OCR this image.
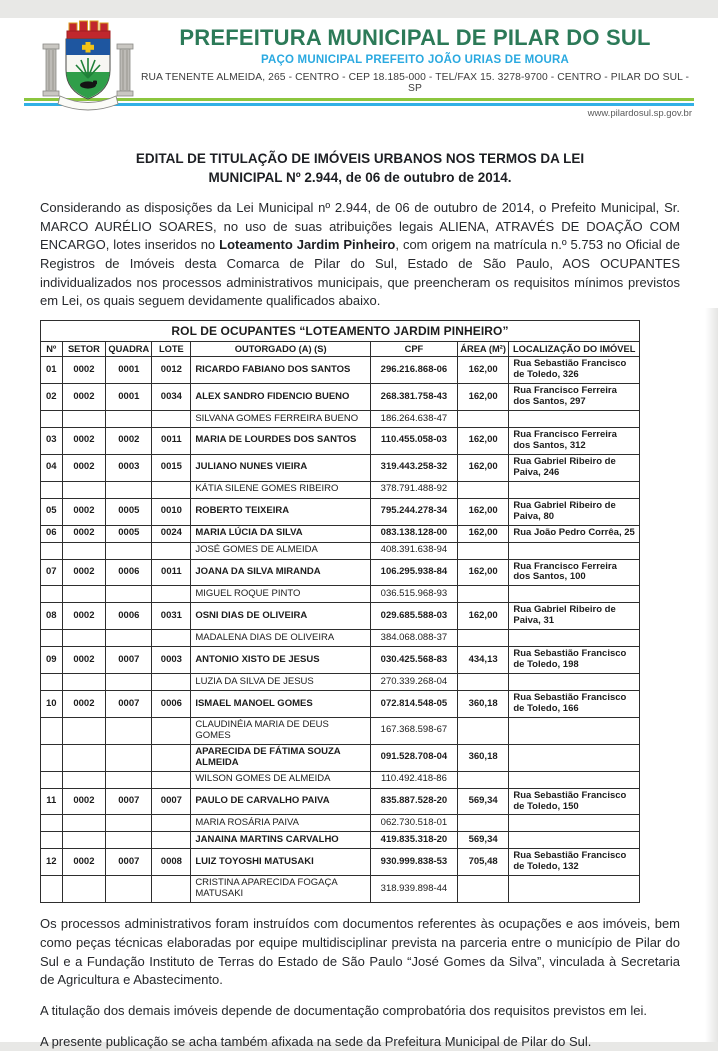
PREFEITURA MUNICIPAL DE PILAR DO SUL
PAÇO MUNICIPAL PREFEITO JOÃO URIAS DE MOURA
RUA TENENTE ALMEIDA, 265 - CENTRO - CEP 18.185-000 - TEL/FAX 15. 3278-9700 - CENTRO - PILAR DO SUL - SP
www.pilardosul.sp.gov.br
EDITAL DE TITULAÇÃO DE IMÓVEIS URBANOS NOS TERMOS DA LEI
MUNICIPAL Nº 2.944, de 06 de outubro de 2014.

Considerando as disposições da Lei Municipal nº 2.944, de 06 de outubro de 2014, o Prefeito Municipal, Sr. MARCO AURÉLIO SOARES, no uso de suas atribuições legais ALIENA, ATRAVÉS DE DOAÇÃO COM ENCARGO, lotes inseridos no Loteamento Jardim Pinheiro, com origem na matrícula n.º 5.753 no Oficial de Registros de Imóveis desta Comarca de Pilar do Sul, Estado de São Paulo, AOS OCUPANTES individualizados nos processos administrativos municipais, que preencheram os requisitos mínimos previstos em Lei, os quais seguem devidamente qualificados abaixo.

ROL DE OCUPANTES “LOTEAMENTO JARDIM PINHEIRO”							
Nº	SETOR	QUADRA	LOTE	OUTORGADO (A) (S)	CPF	ÁREA (M²)	LOCALIZAÇÃO DO IMÓVEL
01	0002	0001	0012	RICARDO FABIANO DOS SANTOS	296.216.868-06	162,00	Rua Sebastião Francisco de Toledo, 326
02	0002	0001	0034	ALEX SANDRO FIDENCIO BUENO	268.381.758-43	162,00	Rua Francisco Ferreira dos Santos, 297
				SILVANA GOMES FERREIRA BUENO	186.264.638-47		
03	0002	0002	0011	MARIA DE LOURDES DOS SANTOS	110.455.058-03	162,00	Rua Francisco Ferreira dos Santos, 312
04	0002	0003	0015	JULIANO NUNES VIEIRA	319.443.258-32	162,00	Rua Gabriel Ribeiro de Paiva, 246
				KÁTIA SILENE GOMES RIBEIRO	378.791.488-92		
05	0002	0005	0010	ROBERTO TEIXEIRA	795.244.278-34	162,00	Rua Gabriel Ribeiro de Paiva, 80
06	0002	0005	0024	MARIA LÚCIA DA SILVA	083.138.128-00	162,00	Rua João Pedro Corrêa, 25
				JOSÉ GOMES DE ALMEIDA	408.391.638-94		
07	0002	0006	0011	JOANA DA SILVA MIRANDA	106.295.938-84	162,00	Rua Francisco Ferreira dos Santos, 100
				MIGUEL ROQUE PINTO	036.515.968-93		
08	0002	0006	0031	OSNI DIAS DE OLIVEIRA	029.685.588-03	162,00	Rua Gabriel Ribeiro de Paiva, 31
				MADALENA DIAS DE OLIVEIRA	384.068.088-37		
09	0002	0007	0003	ANTONIO XISTO DE JESUS	030.425.568-83	434,13	Rua Sebastião Francisco de Toledo, 198
				LUZIA DA SILVA DE JESUS	270.339.268-04		
10	0002	0007	0006	ISMAEL MANOEL GOMES	072.814.548-05	360,18	Rua Sebastião Francisco de Toledo, 166
				CLAUDINÉIA MARIA DE DEUS GOMES	167.368.598-67		
				APARECIDA DE FÁTIMA SOUZA ALMEIDA	091.528.708-04	360,18	
				WILSON GOMES DE ALMEIDA	110.492.418-86		
11	0002	0007	0007	PAULO DE CARVALHO PAIVA	835.887.528-20	569,34	Rua Sebastião Francisco de Toledo, 150
				MARIA ROSÁRIA PAIVA	062.730.518-01		
				JANAINA MARTINS CARVALHO	419.835.318-20	569,34	
12	0002	0007	0008	LUIZ TOYOSHI MATUSAKI	930.999.838-53	705,48	Rua Sebastião Francisco de Toledo, 132
				CRISTINA APARECIDA FOGAÇA MATUSAKI	318.939.898-44		

Os processos administrativos foram instruídos com documentos referentes às ocupações e aos imóveis, bem como peças técnicas elaboradas por equipe multidisciplinar prevista na parceria entre o município de Pilar do Sul e a Fundação Instituto de Terras do Estado de São Paulo “José Gomes da Silva”, vinculada à Secretaria de Agricultura e Abastecimento.

A titulação dos demais imóveis depende de documentação comprobatória dos requisitos previstos em lei.

A presente publicação se acha também afixada na sede da Prefeitura Municipal de Pilar do Sul.
